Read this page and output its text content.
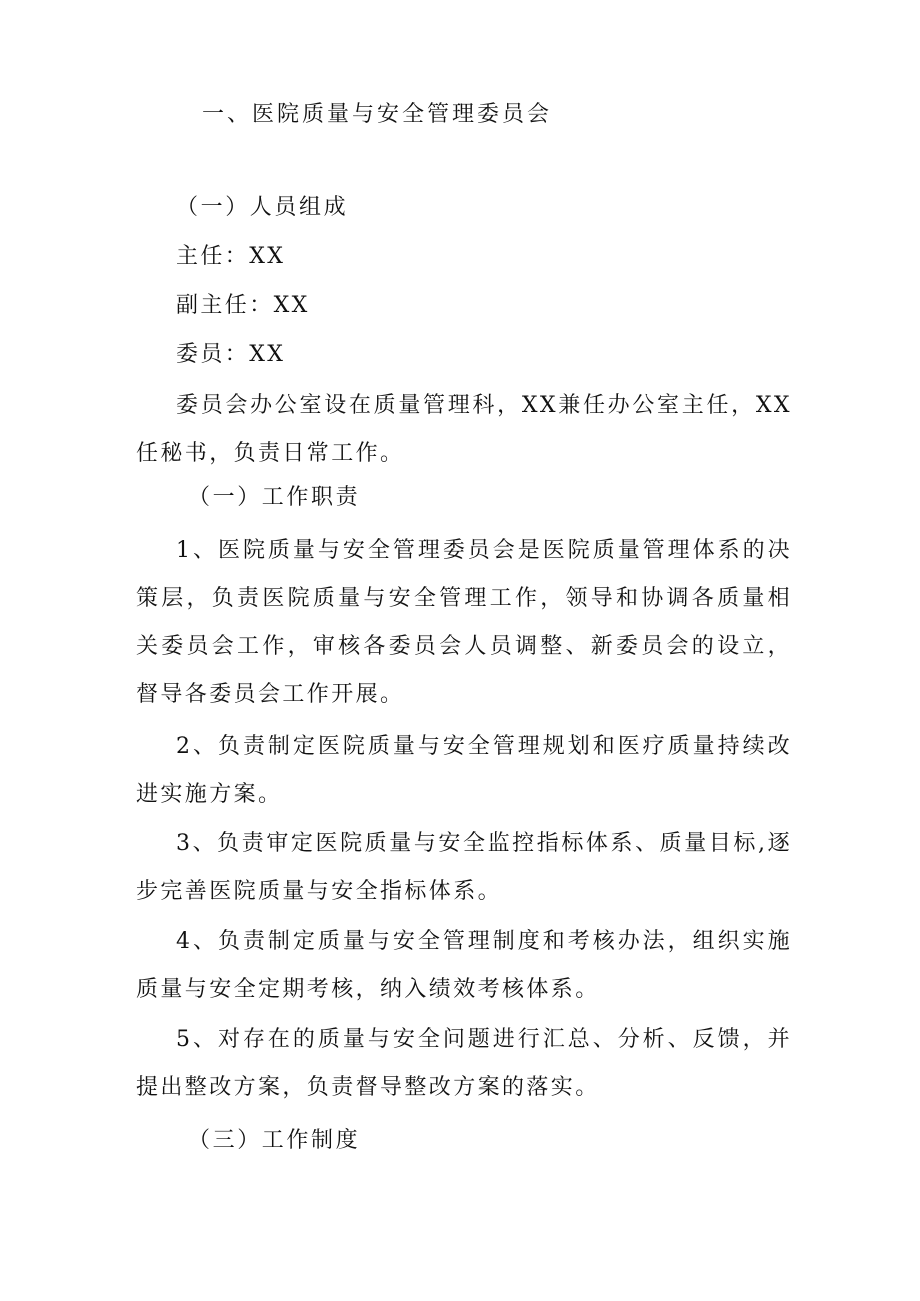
一、医院质量与安全管理委员会
（一）人员组成
主任：XX
副主任：XX
委员：XX

委员会办公室设在质量管理科，XX兼任办公室主任，XX任秘书，负责日常工作。

（一）工作职责

1、医院质量与安全管理委员会是医院质量管理体系的决策层，负责医院质量与安全管理工作，领导和协调各质量相关委员会工作，审核各委员会人员调整、新委员会的设立，督导各委员会工作开展。

2、负责制定医院质量与安全管理规划和医疗质量持续改进实施方案。

3、负责审定医院质量与安全监控指标体系、质量目标,逐步完善医院质量与安全指标体系。

4、负责制定质量与安全管理制度和考核办法，组织实施质量与安全定期考核，纳入绩效考核体系。

5、对存在的质量与安全问题进行汇总、分析、反馈，并提出整改方案，负责督导整改方案的落实。

（三）工作制度
